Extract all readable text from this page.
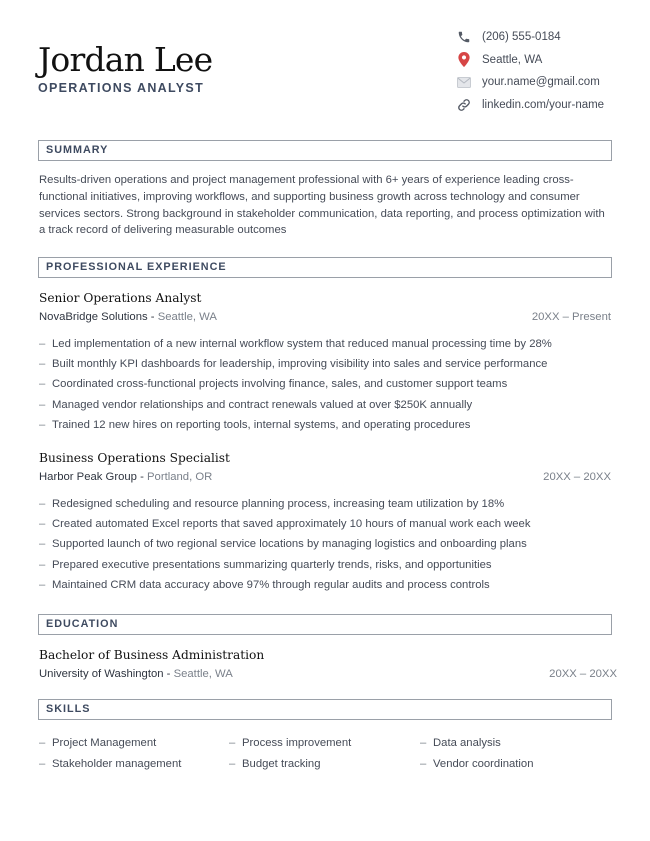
Jordan Lee
OPERATIONS ANALYST
(206) 555-0184
Seattle, WA
your.name@gmail.com
linkedin.com/your-name
SUMMARY

Results-driven operations and project management professional with 6+ years of experience leading cross-functional initiatives, improving workflows, and supporting business growth across technology and consumer services sectors. Strong background in stakeholder communication, data reporting, and process optimization with a track record of delivering measurable outcomes

PROFESSIONAL EXPERIENCE
Senior Operations Analyst
NovaBridge Solutions - Seattle, WA	20XX – Present
– Led implementation of a new internal workflow system that reduced manual processing time by 28%
– Built monthly KPI dashboards for leadership, improving visibility into sales and service performance
– Coordinated cross-functional projects involving finance, sales, and customer support teams
– Managed vendor relationships and contract renewals valued at over $250K annually
– Trained 12 new hires on reporting tools, internal systems, and operating procedures
Business Operations Specialist
Harbor Peak Group - Portland, OR	20XX – 20XX
– Redesigned scheduling and resource planning process, increasing team utilization by 18%
– Created automated Excel reports that saved approximately 10 hours of manual work each week
– Supported launch of two regional service locations by managing logistics and onboarding plans
– Prepared executive presentations summarizing quarterly trends, risks, and opportunities
– Maintained CRM data accuracy above 97% through regular audits and process controls
EDUCATION
Bachelor of Business Administration
University of Washington - Seattle, WA	20XX – 20XX
SKILLS
– Project Management	– Process improvement	– Data analysis
– Stakeholder management	– Budget tracking	– Vendor coordination
